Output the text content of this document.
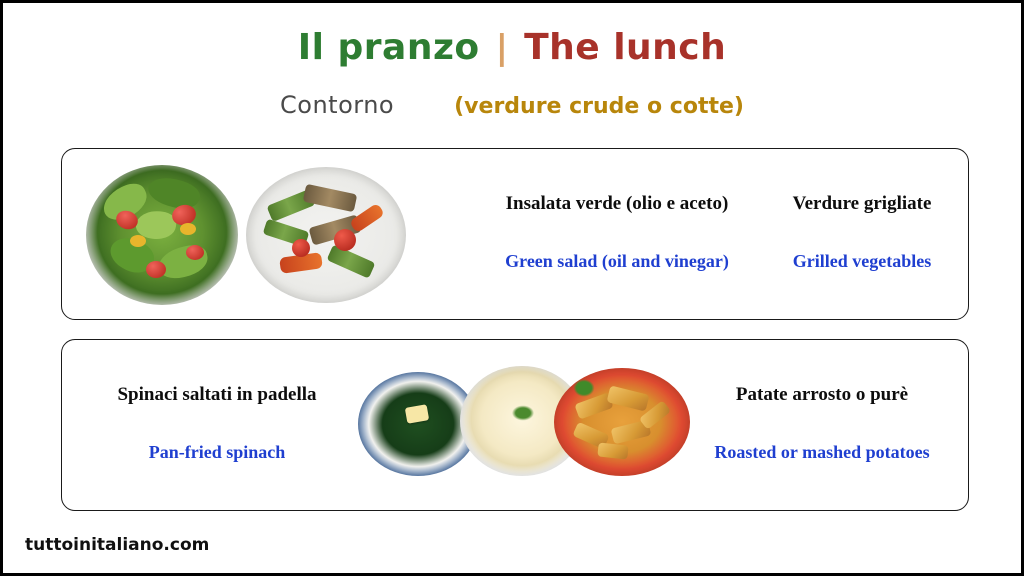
Il pranzo | The lunch
Contorno	(verdure crude o cotte)
Insalata verde (olio e aceto)
Green salad (oil and vinegar)
Verdure grigliate
Grilled vegetables
Spinaci saltati in padella
Pan-fried spinach
Patate arrosto o purè
Roasted or mashed potatoes
tuttoinitaliano.com
